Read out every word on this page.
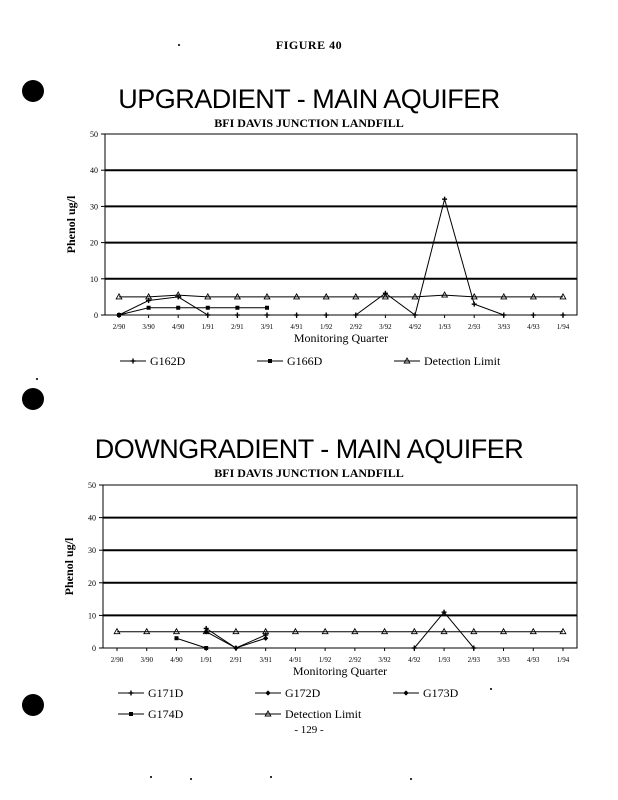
FIGURE 40
UPGRADIENT - MAIN AQUIFER
BFI DAVIS JUNCTION LANDFILL
0
10
20
30
40
50
2/90 3/90 4/90 1/91 2/91 3/91 4/91 1/92 2/92 3/92 4/92 1/93 2/93 3/93 4/93 1/94
Monitoring Quarter
Phenol ug/l
G162D	G166D	Detection Limit
DOWNGRADIENT - MAIN AQUIFER
BFI DAVIS JUNCTION LANDFILL
0
10
20
30
40
50
2/90 3/90 4/90 1/91 2/91 3/91 4/91 1/92 2/92 3/92 4/92 1/93 2/93 3/93 4/93 1/94
Monitoring Quarter
Phenol ug/l
G171D	G172D	G173D
G174D	Detection Limit
- 129 -
